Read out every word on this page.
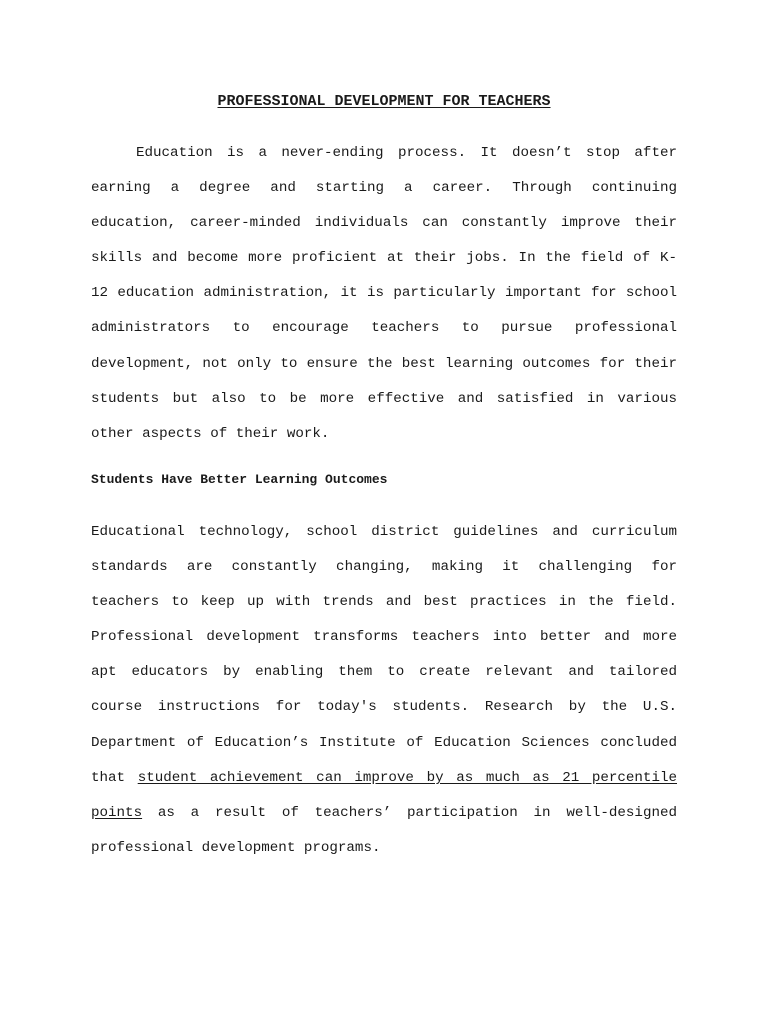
PROFESSIONAL DEVELOPMENT FOR TEACHERS

Education is a never-ending process. It doesn’t stop after earning a degree and starting a career. Through continuing education, career-minded individuals can constantly improve their skills and become more proficient at their jobs. In the field of K-12 education administration, it is particularly important for school administrators to encourage teachers to pursue professional development, not only to ensure the best learning outcomes for their students but also to be more effective and satisfied in various other aspects of their work.

Students Have Better Learning Outcomes

Educational technology, school district guidelines and curriculum standards are constantly changing, making it challenging for teachers to keep up with trends and best practices in the field. Professional development transforms teachers into better and more apt educators by enabling them to create relevant and tailored course instructions for today's students. Research by the U.S. Department of Education’s Institute of Education Sciences concluded that student achievement can improve by as much as 21 percentile points as a result of teachers’ participation in well-designed professional development programs.
